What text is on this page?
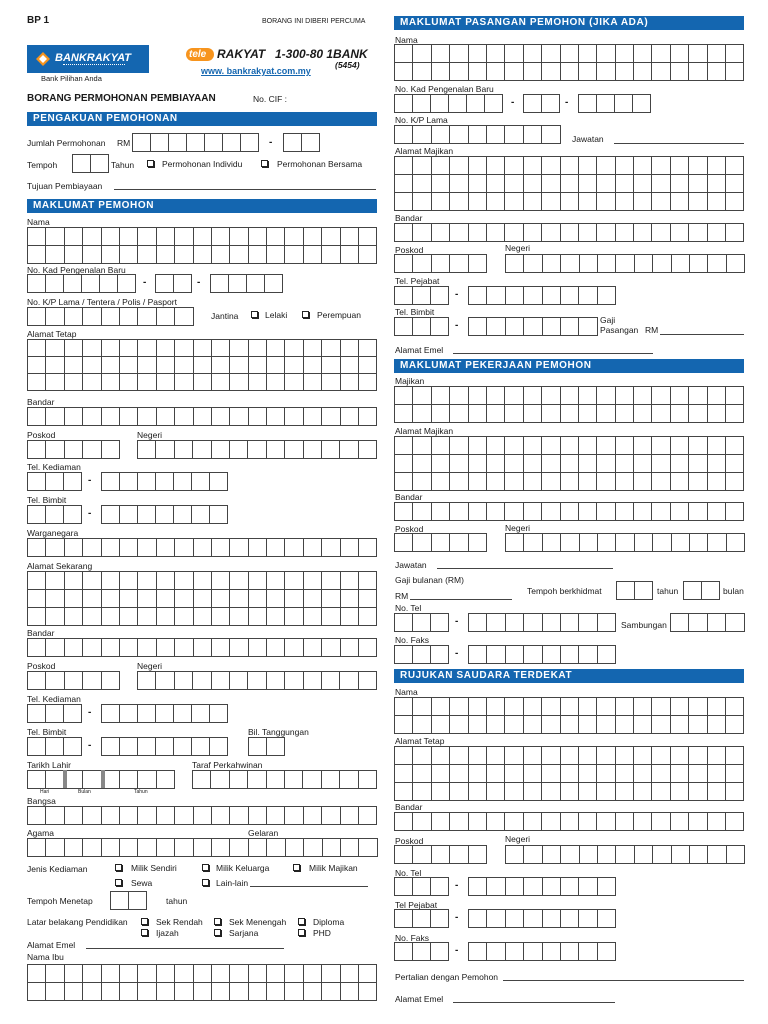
BP 1	BORANG INI DIBERI PERCUMA
BANKRAKYAT
Bank Pilihan Anda
tele RAKYAT 1-300-80 1BANK
(5454)
www. bankrakyat.com.my
BORANG PERMOHONAN PEMBIAYAAN	No. CIF :
PENGAKUAN PEMOHONAN
Jumlah Permohonan RM	-
Tempoh	Tahun	Permohonan Individu	Permohonan Bersama
Tujuan Pembiayaan
MAKLUMAT PEMOHON
Nama
No. Kad Pengenalan Baru
-	-
No. K/P Lama / Tentera / Polis / Pasport
Jantina	Lelaki	Perempuan
Alamat Tetap
Bandar
Poskod	Negeri
Tel. Kediaman
-
Tel. Bimbit
-
Warganegara
Alamat Sekarang
Bandar
Poskod	Negeri
Tel. Kediaman
-
Tel. Bimbit	Bil. Tanggungan
-
Tarikh Lahir	Taraf Perkahwinan
Hari	Bulan	Tahun
Bangsa
Agama	Gelaran
Jenis Kediaman	Milik Sendiri	Milik Keluarga	Milik Majikan
Sewa	Lain-lain
Tempoh Menetap	tahun
Latar belakang Pendidikan	Sek Rendah	Sek Menengah	Diploma
Ijazah	Sarjana	PHD
Alamat Emel
Nama Ibu
MAKLUMAT PASANGAN PEMOHON (JIKA ADA)
Nama
No. Kad Pengenalan Baru
-	-
No. K/P Lama
Jawatan
Alamat Majikan
Bandar
Poskod	Negeri
Tel. Pejabat
-
Tel. Bimbit
-	Gaji
Pasangan RM
Alamat Emel
MAKLUMAT PEKERJAAN PEMOHON
Majikan
Alamat Majikan
Bandar
Poskod	Negeri
Jawatan
Gaji bulanan (RM)
RM	Tempoh berkhidmat	tahun	bulan
No. Tel
-	Sambungan
No. Faks
-
RUJUKAN SAUDARA TERDEKAT
Nama
Alamat Tetap
Bandar
Poskod	Negeri
No. Tel
-
Tel Pejabat
-
No. Faks
-
Pertalian dengan Pemohon
Alamat Emel
